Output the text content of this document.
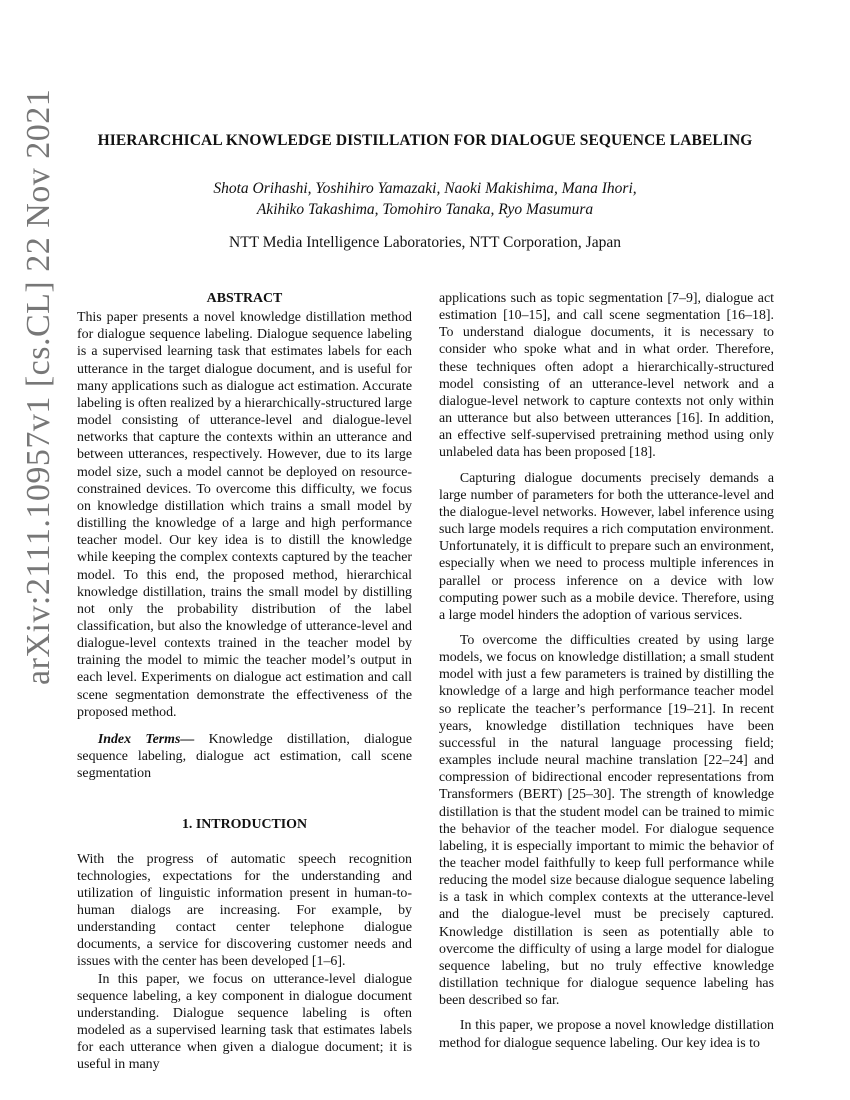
arXiv:2111.10957v1 [cs.CL] 22 Nov 2021	HIERARCHICAL KNOWLEDGE DISTILLATION FOR DIALOGUE SEQUENCE LABELING
Shota Orihashi, Yoshihiro Yamazaki, Naoki Makishima, Mana Ihori,
Akihiko Takashima, Tomohiro Tanaka, Ryo Masumura
NTT Media Intelligence Laboratories, NTT Corporation, Japan
ABSTRACT

This paper presents a novel knowledge distillation method for dialogue sequence labeling. Dialogue sequence labeling is a supervised learning task that estimates labels for each utterance in the target dialogue document, and is useful for many applications such as dialogue act estimation. Accurate labeling is often realized by a hierarchically-structured large model consisting of utterance-level and dialogue-level networks that capture the contexts within an utterance and between utterances, respectively. However, due to its large model size, such a model cannot be deployed on resource-constrained devices. To overcome this difficulty, we focus on knowledge distillation which trains a small model by distilling the knowledge of a large and high performance teacher model. Our key idea is to distill the knowledge while keeping the complex contexts captured by the teacher model. To this end, the proposed method, hierarchical knowledge distillation, trains the small model by distilling not only the probability distribution of the label classification, but also the knowledge of utterance-level and dialogue-level contexts trained in the teacher model by training the model to mimic the teacher model’s output in each level. Experiments on dialogue act estimation and call scene segmentation demonstrate the effectiveness of the proposed method.

Index Terms— Knowledge distillation, dialogue sequence labeling, dialogue act estimation, call scene segmentation

1. INTRODUCTION

With the progress of automatic speech recognition technologies, expectations for the understanding and utilization of linguistic information present in human-to-human dialogs are increasing. For example, by understanding contact center telephone dialogue documents, a service for discovering customer needs and issues with the center has been developed [1–6].

In this paper, we focus on utterance-level dialogue sequence labeling, a key component in dialogue document understanding. Dialogue sequence labeling is often modeled as a supervised learning task that estimates labels for each utterance when given a dialogue document; it is useful in many

applications such as topic segmentation [7–9], dialogue act estimation [10–15], and call scene segmentation [16–18]. To understand dialogue documents, it is necessary to consider who spoke what and in what order. Therefore, these techniques often adopt a hierarchically-structured model consisting of an utterance-level network and a dialogue-level network to capture contexts not only within an utterance but also between utterances [16]. In addition, an effective self-supervised pretraining method using only unlabeled data has been proposed [18].

Capturing dialogue documents precisely demands a large number of parameters for both the utterance-level and the dialogue-level networks. However, label inference using such large models requires a rich computation environment. Unfortunately, it is difficult to prepare such an environment, especially when we need to process multiple inferences in parallel or process inference on a device with low computing power such as a mobile device. Therefore, using a large model hinders the adoption of various services.

To overcome the difficulties created by using large models, we focus on knowledge distillation; a small student model with just a few parameters is trained by distilling the knowledge of a large and high performance teacher model so replicate the teacher’s performance [19–21]. In recent years, knowledge distillation techniques have been successful in the natural language processing field; examples include neural machine translation [22–24] and compression of bidirectional encoder representations from Transformers (BERT) [25–30]. The strength of knowledge distillation is that the student model can be trained to mimic the behavior of the teacher model. For dialogue sequence labeling, it is especially important to mimic the behavior of the teacher model faithfully to keep full performance while reducing the model size because dialogue sequence labeling is a task in which complex contexts at the utterance-level and the dialogue-level must be precisely captured. Knowledge distillation is seen as potentially able to overcome the difficulty of using a large model for dialogue sequence labeling, but no truly effective knowledge distillation technique for dialogue sequence labeling has been described so far.

In this paper, we propose a novel knowledge distillation method for dialogue sequence labeling. Our key idea is to
